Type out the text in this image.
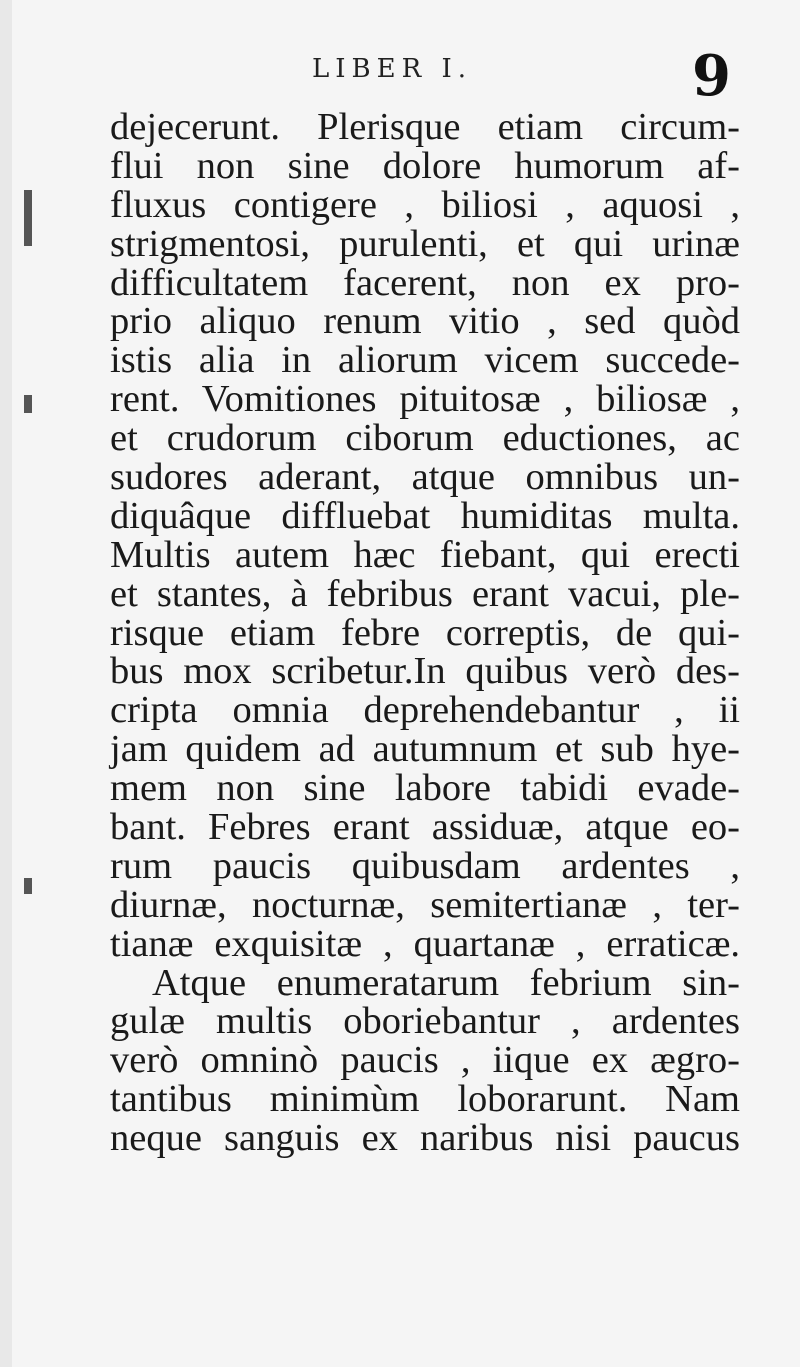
LIBER I.	9
dejecerunt. Plerisque etiam circum-
flui non sine dolore humorum af-
fluxus contigere , biliosi , aquosi ,
strigmentosi, purulenti, et qui urinæ
difficultatem facerent, non ex pro-
prio aliquo renum vitio , sed quòd
istis alia in aliorum vicem succede-
rent. Vomitiones pituitosæ , biliosæ ,
et crudorum ciborum eductiones, ac
sudores aderant, atque omnibus un-
diquâque diffluebat humiditas multa.
Multis autem hæc fiebant, qui erecti
et stantes, à febribus erant vacui, ple-
risque etiam febre correptis, de qui-
bus mox scribetur.In quibus verò des-
cripta omnia deprehendebantur , ii
jam quidem ad autumnum et sub hye-
mem non sine labore tabidi evade-
bant. Febres erant assiduæ, atque eo-
rum paucis quibusdam ardentes ,
diurnæ, nocturnæ, semitertianæ , ter-
tianæ exquisitæ , quartanæ , erraticæ.
Atque enumeratarum febrium sin-
gulæ multis oboriebantur , ardentes
verò omninò paucis , iique ex ægro-
tantibus minimùm loborarunt. Nam
neque sanguis ex naribus nisi paucus
